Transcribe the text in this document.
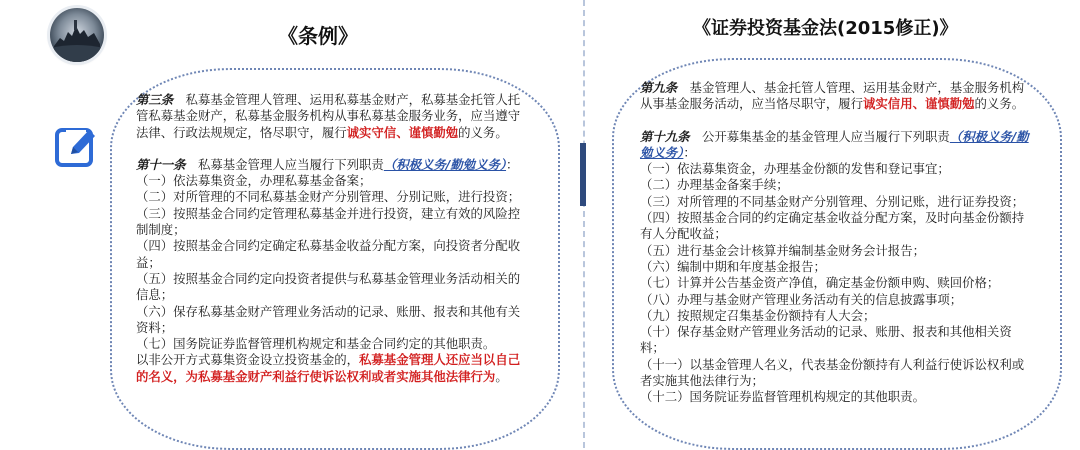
《条例》	《证券投资基金法(2015修正)》

第三条　私募基金管理人管理、运用私募基金财产，私募基金托管人托管私募基金财产，私募基金服务机构从事私募基金服务业务，应当遵守法律、行政法规规定，恪尽职守，履行诚实守信、谨慎勤勉的义务。

第十一条　私募基金管理人应当履行下列职责（积极义务/勤勉义务）：

（一）依法募集资金，办理私募基金备案；

（二）对所管理的不同私募基金财产分别管理、分别记账，进行投资；

（三）按照基金合同约定管理私募基金并进行投资，建立有效的风险控制制度；

（四）按照基金合同约定确定私募基金收益分配方案，向投资者分配收益；

（五）按照基金合同约定向投资者提供与私募基金管理业务活动相关的信息；

（六）保存私募基金财产管理业务活动的记录、账册、报表和其他有关资料；

（七）国务院证券监督管理机构规定和基金合同约定的其他职责。

以非公开方式募集资金设立投资基金的，私募基金管理人还应当以自己的名义，为私募基金财产利益行使诉讼权利或者实施其他法律行为。

第九条　基金管理人、基金托管人管理、运用基金财产，基金服务机构从事基金服务活动，应当恪尽职守，履行诚实信用、谨慎勤勉的义务。

第十九条　公开募集基金的基金管理人应当履行下列职责（积极义务/勤勉义务）：

（一）依法募集资金，办理基金份额的发售和登记事宜；

（二）办理基金备案手续；

（三）对所管理的不同基金财产分别管理、分别记账，进行证券投资；

（四）按照基金合同的约定确定基金收益分配方案，及时向基金份额持有人分配收益；

（五）进行基金会计核算并编制基金财务会计报告；

（六）编制中期和年度基金报告；

（七）计算并公告基金资产净值，确定基金份额申购、赎回价格；

（八）办理与基金财产管理业务活动有关的信息披露事项；

（九）按照规定召集基金份额持有人大会；

（十）保存基金财产管理业务活动的记录、账册、报表和其他相关资料；

（十一）以基金管理人名义，代表基金份额持有人利益行使诉讼权利或者实施其他法律行为；

（十二）国务院证券监督管理机构规定的其他职责。
